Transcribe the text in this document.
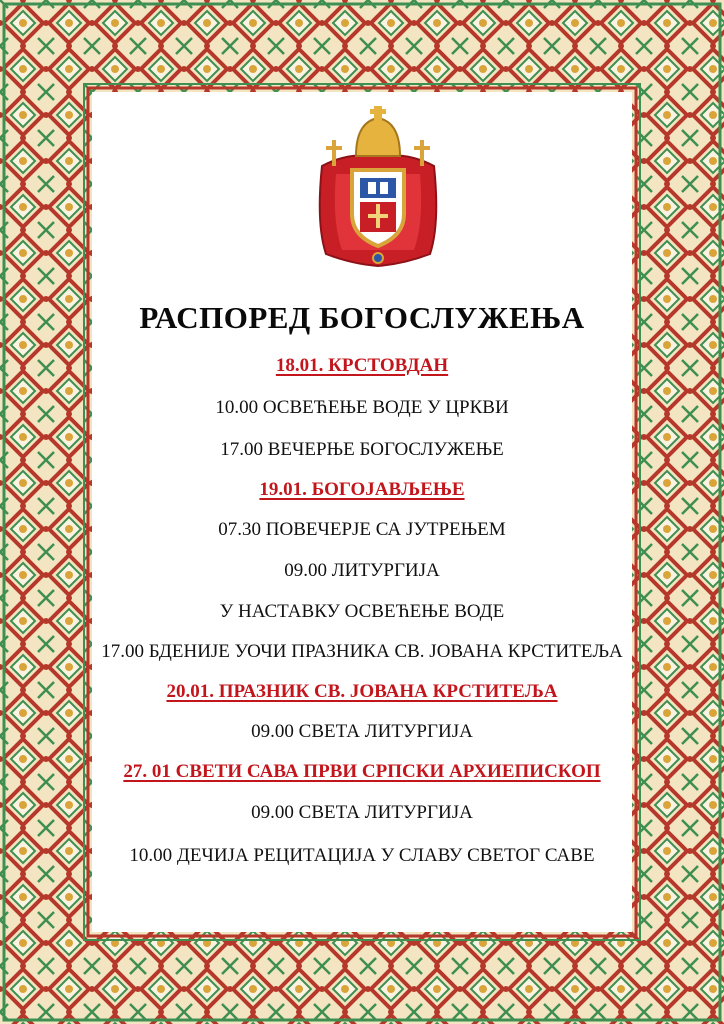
РАСПОРЕД БОГОСЛУЖЕЊА
18.01. КРСТОВДАН
10.00 ОСВЕЋЕЊЕ ВОДЕ У ЦРКВИ
17.00 ВЕЧЕРЊЕ БОГОСЛУЖЕЊЕ
19.01. БОГОЈАВЉЕЊЕ
07.30 ПОВЕЧЕРЈЕ СА ЈУТРЕЊЕМ
09.00 ЛИТУРГИЈА
У НАСТАВКУ ОСВЕЋЕЊЕ ВОДЕ
17.00 БДЕНИЈЕ УОЧИ ПРАЗНИКА СВ. ЈОВАНА КРСТИТЕЉА
20.01. ПРАЗНИК СВ. ЈОВАНА КРСТИТЕЉА
09.00 СВЕТА ЛИТУРГИЈА
27. 01 СВЕТИ САВА ПРВИ СРПСКИ АРХИЕПИСКОП
09.00 СВЕТА ЛИТУРГИЈА
10.00 ДЕЧИЈА РЕЦИТАЦИЈА У СЛАВУ СВЕТОГ САВЕ
